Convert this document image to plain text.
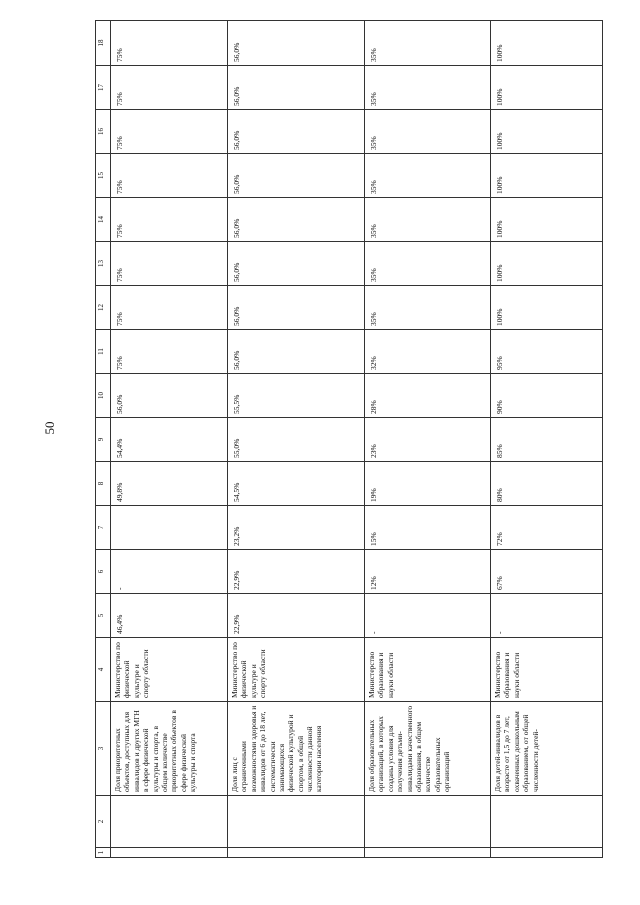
50
1	2	3	4	5	6	7	8	9	10	11	12	13	14	15	16	17	18
		Доля приоритетных объектов, доступных для инвалидов и других МГН в сфере физической культуры и спорта, в общем количестве приоритетных объектов в сфере физической культуры и спорта	Министерство по физической культуре и спорту области	46,4%	-		49,8%	54,4%	56,0%	75%	75%	75%	75%	75%	75%	75%	75%
		Доля лиц с ограниченными возможностями здоровья и инвалидов от 6 до 18 лет, систематически занимающихся физической культурой и спортом, в общей численности данной категории населения	Министерство по физической культуре и спорту области	22,9%	22,9%	23,2%	54,5%	55,0%	55,5%	56,0%	56,0%	56,0%	56,0%	56,0%	56,0%	56,0%	56,0%
		Доля образовательных организаций, в которых созданы условия для получения детьми-инвалидами качественного образования, в общем количестве образовательных организаций	Министерство образования и науки области	-	12%	15%	19%	23%	28%	32%	35%	35%	35%	35%	35%	35%	35%
		Доля детей-инвалидов в возрасте от 1,5 до 7 лет, охваченных дошкольным образованием, от общей численности детей-	Министерство образования и науки области	-	67%	72%	80%	85%	90%	95%	100%	100%	100%	100%	100%	100%	100%
